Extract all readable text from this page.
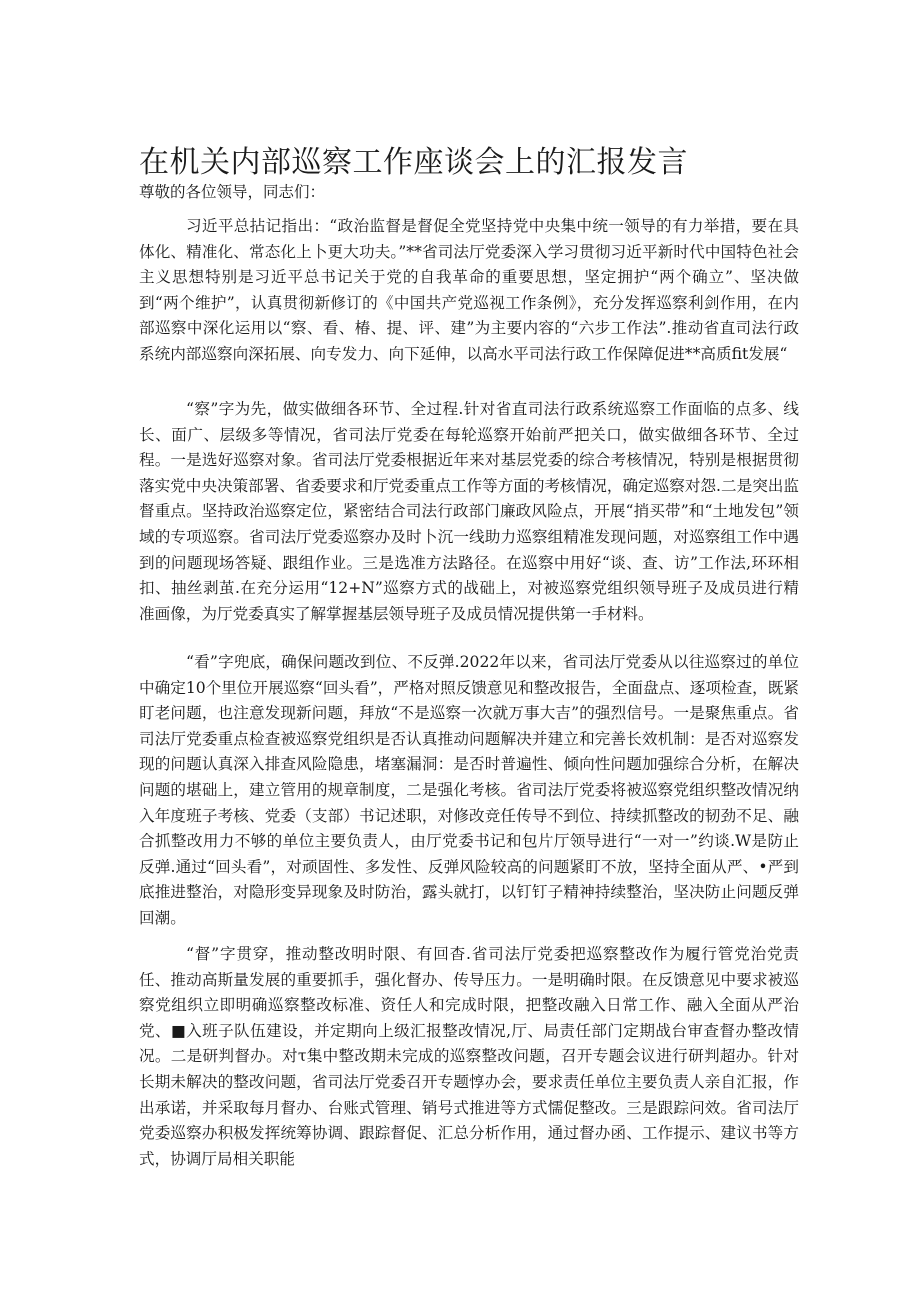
在机关内部巡察工作座谈会上的汇报发言
尊敬的各位领导，同志们：

习近平总拈记指出：“政治监督是督促全党坚持党中央集中统一领导的有力举措，要在具体化、精准化、常态化上卜更大功夫。”**省司法厅党委深入学习贯彻习近平新时代中国特色社会主义思想特别是习近平总书记关于党的自我革命的重要思想，坚定拥护“两个确立”、坚决做到“两个维护”，认真贯彻新修订的《中国共产党巡视工作条例》，充分发挥巡察利剑作用，在内部巡察中深化运用以“察、看、椿、提、评、建”为主要内容的“六步工作法”.推动省直司法行政系统内部巡察向深拓展、向专发力、向下延伸，以高水平司法行政工作保障促进**高质fit发展“

“察”字为先，做实做细各环节、全过程.针对省直司法行政系统巡察工作面临的点多、线长、面广、层级多等情况，省司法厅党委在每轮巡察开始前严把关口，做实做细各环节、全过程。一是选好巡察对象。省司法厅党委根据近年来对基层党委的综合考核情况，特别是根据贯彻落实党中央决策部署、省委要求和厅党委重点工作等方面的考核情况，确定巡察对怨.二是突出监督重点。坚持政治巡察定位，紧密结合司法行政部门廉政风险点，开展“捎买带”和“土地发包”领域的专项巡察。省司法厅党委巡察办及时卜沉一线助力巡察组精准发现问题，对巡察组工作中遇到的问题现场答疑、跟组作业。三是选准方法路径。在巡察中用好“谈、查、访”工作法,环环相扣、抽丝剥茧.在充分运用“12+N”巡察方式的战础上，对被巡察党组织领导班子及成员进行精准画像，为厅党委真实了解掌握基层领导班子及成员情况提供第一手材料。

“看”字兜底，确保问题改到位、不反弹.2022年以来，省司法厅党委从以往巡察过的单位中确定10个里位开展巡察“回头看”，严格对照反馈意见和整改报告，全面盘点、逐项检查，既紧盯老问题，也注意发现新问题，拜放“不是巡察一次就万事大吉”的强烈信号。一是聚焦重点。省司法厅党委重点检查被巡察党组织是否认真推动问题解决并建立和完善长效机制：是否对巡察发现的问题认真深入排查风险隐患，堵塞漏洞：是否时普遍性、倾向性问题加强综合分析，在解决问题的堪础上，建立管用的规章制度，二是强化考核。省司法厅党委将被巡察党组织整改情况纳入年度班子考核、党委（支部）书记述职，对修改竞任传导不到位、持续抓整改的韧劲不足、融合抓整改用力不够的单位主要负责人，由厅党委书记和包片厅领导进行“一对一”约谈.W是防止反弹.通过“回头看”，对顽固性、多发性、反弹风险较高的问题紧盯不放，坚持全面从严、•严到底推进整治，对隐形变异现象及时防治，露头就打，以钉钉子精神持续整治，坚决防止问题反弹回潮。

“督”字贯穿，推动整改明时限、有回杳.省司法厅党委把巡察整改作为履行管党治党责任、推动高斯量发展的重要抓手，强化督办、传导压力。一是明确时限。在反馈意见中要求被巡察党组织立即明确巡察整改标准、资任人和完成时限，把整改融入日常工作、融入全面从严治党、■入班子队伍建设，并定期向上级汇报整改情况,厅、局责任部门定期战台审查督办整改情况。二是研判督办。对τ集中整改期未完成的巡察整改问题，召开专题会议进行研判超办。针对长期未解决的整改问题，省司法厅党委召开专题惇办会，要求责任单位主要负责人亲自汇报，作出承诺，并采取每月督办、台账式管理、销号式推进等方式懦促整改。三是跟踪问效。省司法厅党委巡察办积极发挥统筹协调、跟踪督促、汇总分析作用，通过督办函、工作提示、建议书等方式，协调厅局相关职能
